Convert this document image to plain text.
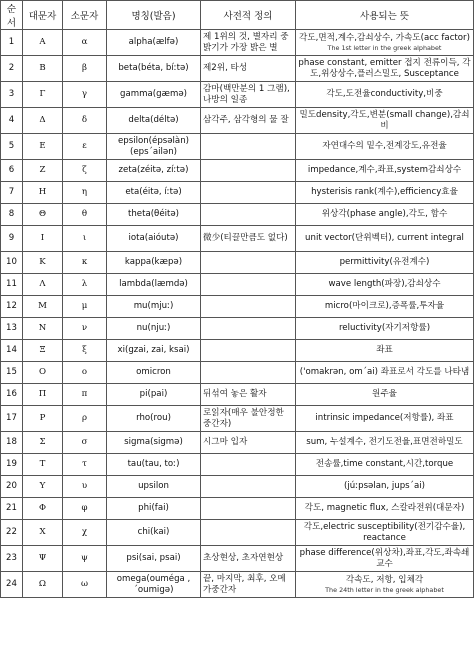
순서	대문자	소문자	명칭(발음)	사전적 정의	사용되는 뜻
1	Α	α	alpha(ælfə)	제 1위의 것, 별자리 중 밝기가 가장 밝은 별	각도,면적,계수,감쇠상수, 가속도(acc factor)
The 1st letter in the greek alphabet

2	Β	β	beta(béta, bíːtə)	제2위, 타성	phase constant, emitter 접지 전류이득, 각도,위상상수,플러스밀도, Susceptance
3	Γ	γ	gamma(gæmə)	감마(백만분의 1 그램), 나방의 일종	각도,도전율conductivity,비중
4	Δ	δ	delta(déltə)	삼각주, 삼각형의 물 잘	밀도density,각도,변분(small change),감쇠비
5	Ε	ε	epsilon(épsəlàn) (eps´ailən)		자연대수의 밑수,전계강도,유전율
6	Ζ	ζ	zeta(zéitə, zíːtə)		impedance,계수,좌표,system감쇠상수
7	Η	η	eta(éitə, íːtə)		hysterisis rank(계수),efficiency효율
8	Θ	θ	theta(θéitə)		위상각(phase angle),각도, 함수
9	Ι	ι	iota(aióutə)	微少(티끌만큼도 없다)	unit vector(단위벡터), current integral
10	Κ	κ	kappa(kæpə)		permittivity(유전계수)
11	Λ	λ	lambda(læmdə)		wave length(파장),감쇠상수
12	Μ	μ	mu(mjuː)		micro(마이크로),증폭률,투자율
13	Ν	ν	nu(njuː)		reluctivity(자기저항률)
14	Ξ	ξ	xi(gzai, zai, ksai)		좌표
15	Ο	ο	omicron		('omakrən, om´ai) 좌표로서 각도를 나타냄
16	Π	π	pi(pai)	뒤섞여 놓은 활자	원주율
17	Ρ	ρ	rho(rou)	로읽자(매우 불안정한 중간자)	intrinsic impedance(저항률), 좌표
18	Σ	σ	sigma(sigmə)	시그마 입자	sum, 누설계수, 전기도전율,표면전하밀도
19	Τ	τ	tau(tau, toː)		전송률,time constant,시간,torque
20	Υ	υ	upsilon		(júːpsəlan, jups´ai)
21	Φ	φ	phi(fai)		각도, magnetic flux, 스칼라전위(대문자)
22	Χ	χ	chi(kai)		각도,electric susceptibility(전기감수율), reactance
23	Ψ	ψ	psi(sai, psai)	초상현상, 초자연현상	phase difference(위상차),좌표,각도,좌속쇄교수
24	Ω	ω	omega(ouméga ,´oumigə)	끝, 마지막, 최후, 오메가중간자	각속도, 저항, 입체각
The 24th letter in the greek alphabet
